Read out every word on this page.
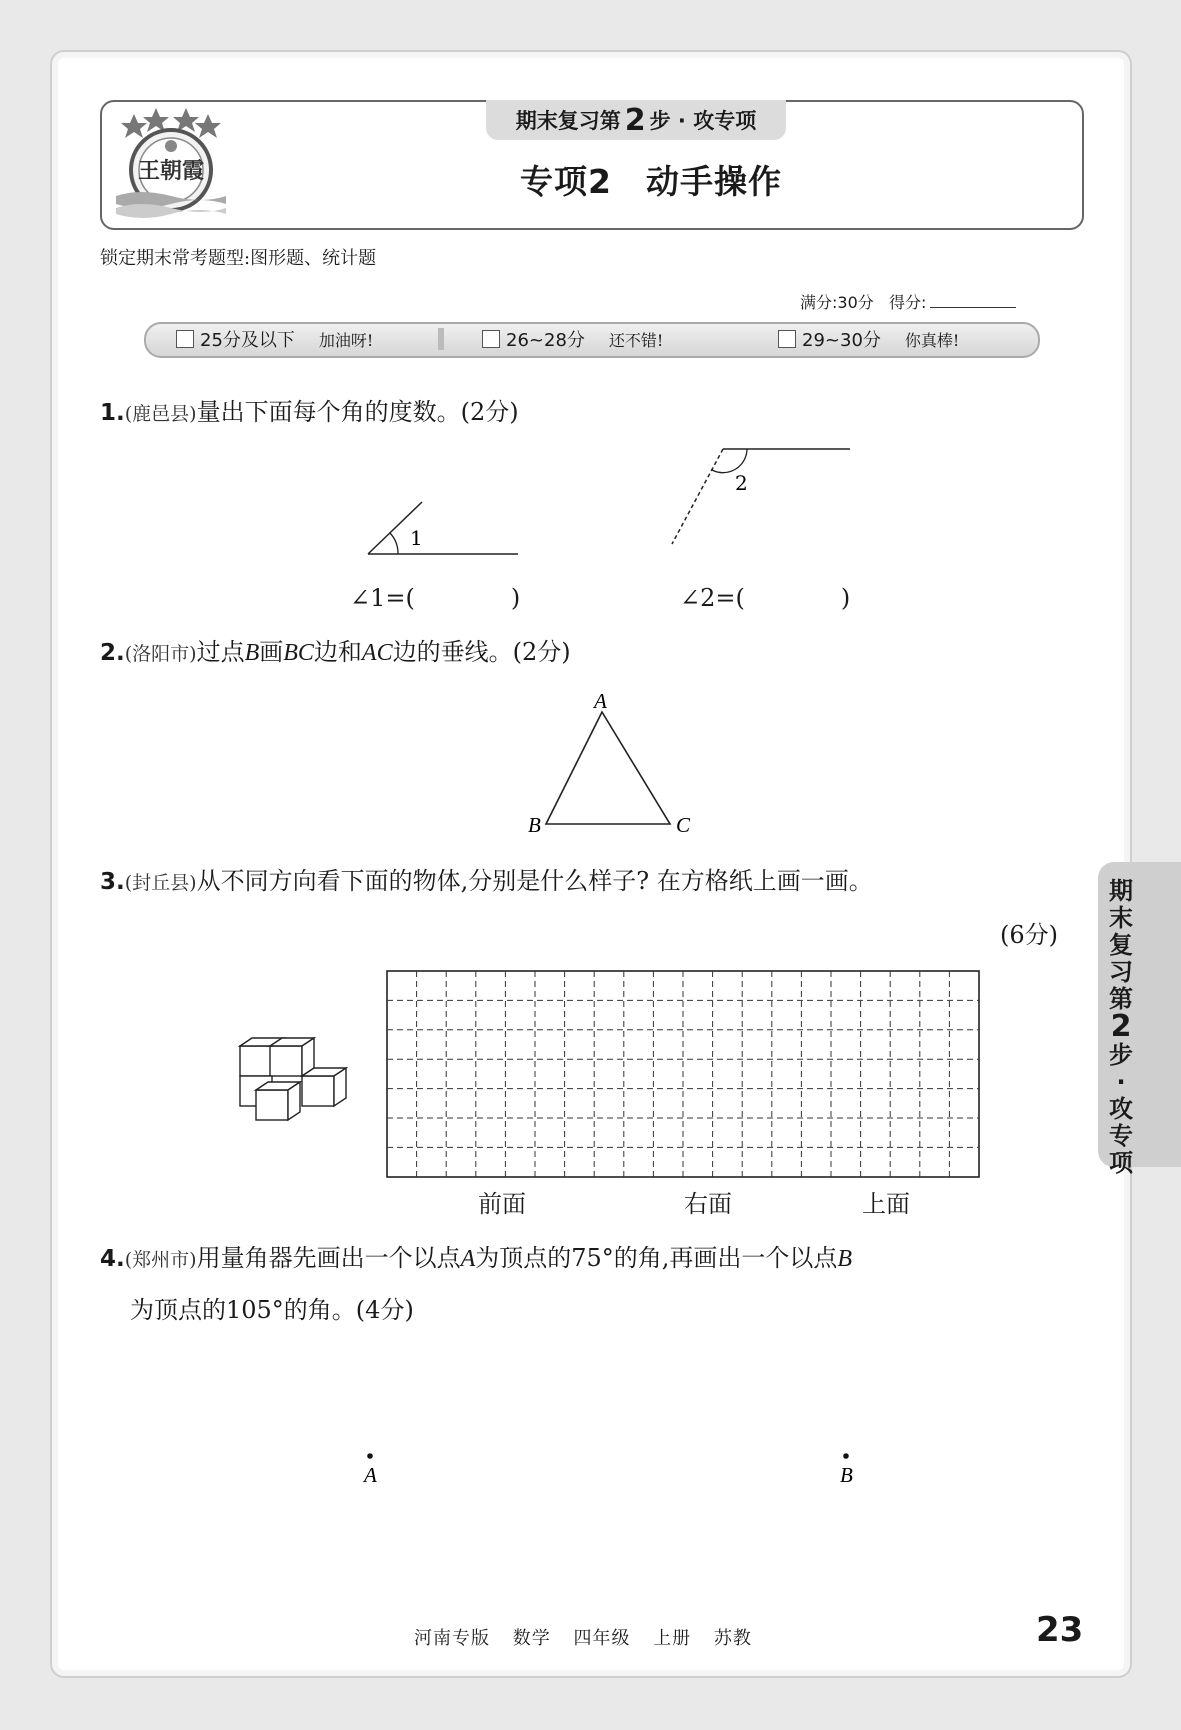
王朝霞
期末复习第 2 步 · 攻专项
专项2　动手操作
锁定期末常考题型:图形题、统计题
满分:30分 得分:
25分及以下 加油呀!	26~28分 还不错!	29~30分 你真棒!
1.(鹿邑县)量出下面每个角的度数。(2分)
1
2
∠1=(　　　　)	∠2=(　　　　)
2.(洛阳市)过点B画BC边和AC边的垂线。(2分)
A
B	C
3.(封丘县)从不同方向看下面的物体,分别是什么样子? 在方格纸上画一画。
(6分)
前面	右面	上面
4.(郑州市)用量角器先画出一个以点A为顶点的75°的角,再画出一个以点B
为顶点的105°的角。(4分)
A	B
期末复习第2步·攻专项
河南专版 数学 四年级 上册 苏教	23
